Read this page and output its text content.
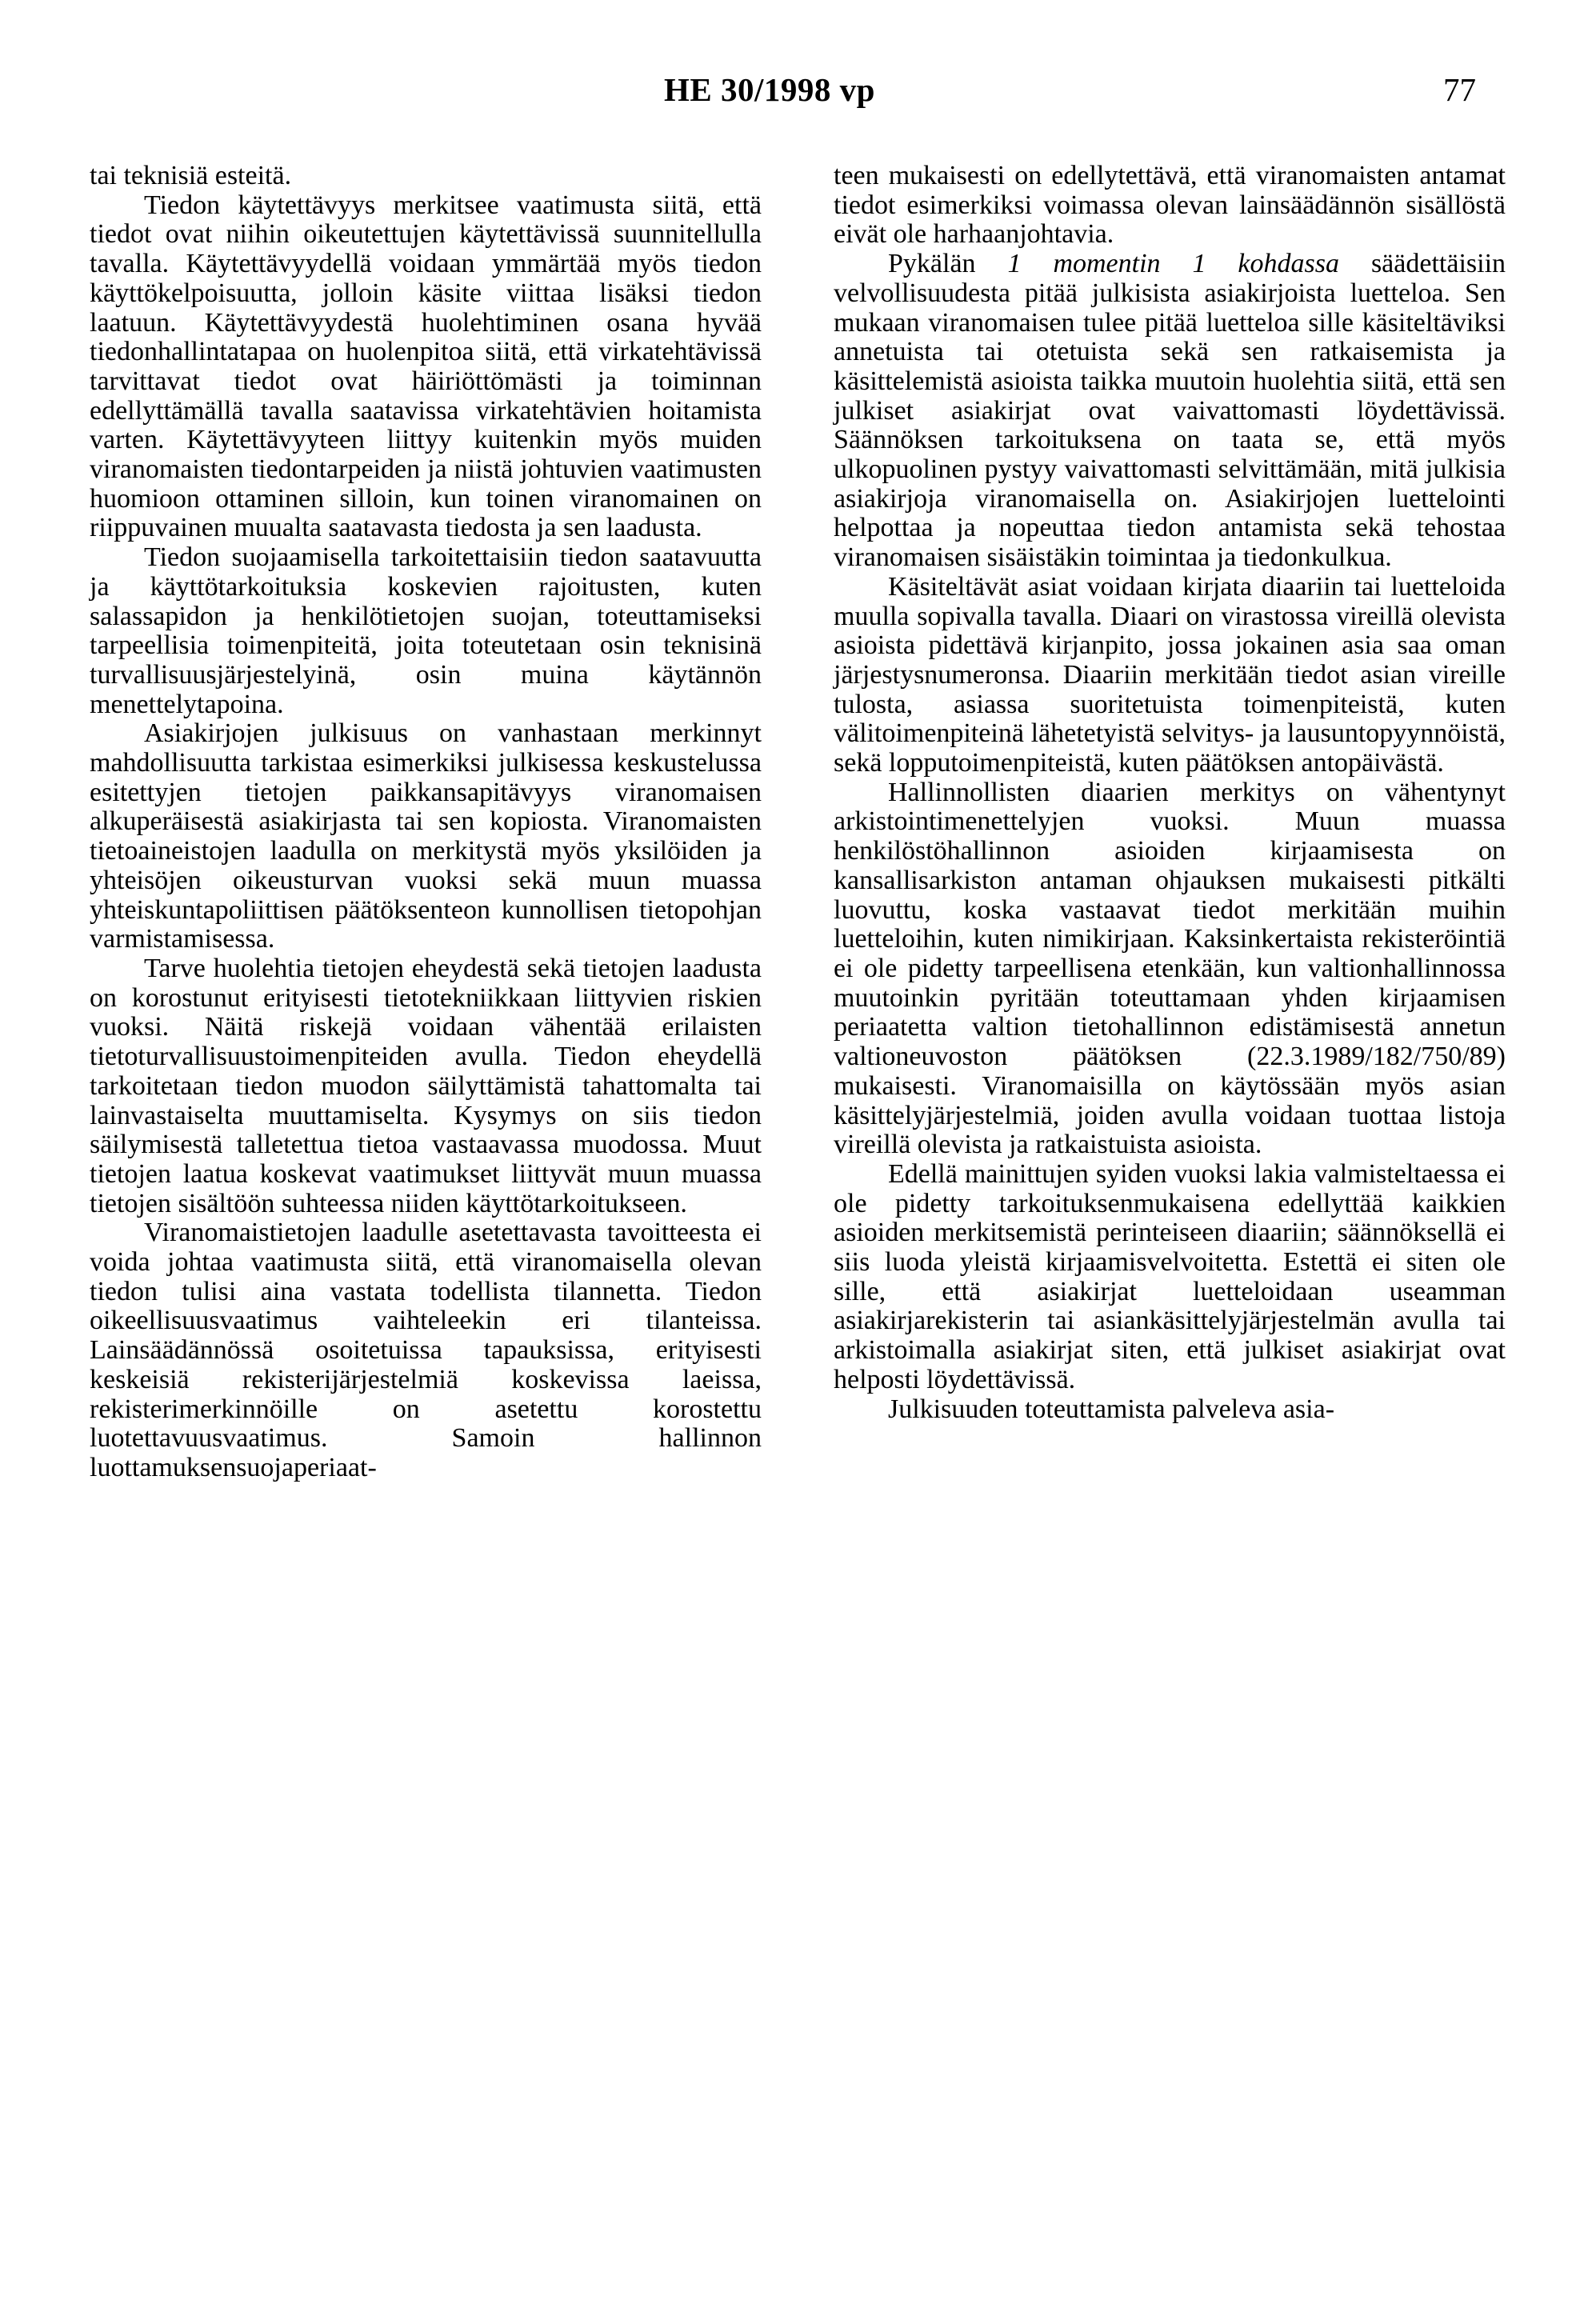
HE 30/1998 vp	77

tai teknisiä esteitä.

Tiedon käytettävyys merkitsee vaatimusta siitä, että tiedot ovat niihin oikeutettujen käytettävissä suunnitellulla tavalla. Käytettävyydellä voidaan ymmärtää myös tiedon käyttökelpoisuutta, jolloin käsite viittaa lisäksi tiedon laatuun. Käytettävyydestä huolehtiminen osana hyvää tiedonhallintatapaa on huolenpitoa siitä, että virkatehtävissä tarvittavat tiedot ovat häiriöttömästi ja toiminnan edellyttämällä tavalla saatavissa virkatehtävien hoitamista varten. Käytettävyyteen liittyy kuitenkin myös muiden viranomaisten tiedontarpeiden ja niistä johtuvien vaatimusten huomioon ottaminen silloin, kun toinen viranomainen on riippuvainen muualta saatavasta tiedosta ja sen laadusta.

Tiedon suojaamisella tarkoitettaisiin tiedon saatavuutta ja käyttötarkoituksia koskevien rajoitusten, kuten salassapidon ja henkilötietojen suojan, toteuttamiseksi tarpeellisia toimenpiteitä, joita toteutetaan osin teknisinä turvallisuusjärjestelyinä, osin muina käytännön menettelytapoina.

Asiakirjojen julkisuus on vanhastaan merkinnyt mahdollisuutta tarkistaa esimerkiksi julkisessa keskustelussa esitettyjen tietojen paikkansapitävyys viranomaisen alkuperäisestä asiakirjasta tai sen kopiosta. Viranomaisten tietoaineistojen laadulla on merkitystä myös yksilöiden ja yhteisöjen oikeusturvan vuoksi sekä muun muassa yhteiskuntapoliittisen päätöksenteon kunnollisen tietopohjan varmistamisessa.

Tarve huolehtia tietojen eheydestä sekä tietojen laadusta on korostunut erityisesti tietotekniikkaan liittyvien riskien vuoksi. Näitä riskejä voidaan vähentää erilaisten tietoturvallisuustoimenpiteiden avulla. Tiedon eheydellä tarkoitetaan tiedon muodon säilyttämistä tahattomalta tai lainvastaiselta muuttamiselta. Kysymys on siis tiedon säilymisestä talletettua tietoa vastaavassa muodossa. Muut tietojen laatua koskevat vaatimukset liittyvät muun muassa tietojen sisältöön suhteessa niiden käyttötarkoitukseen.

Viranomaistietojen laadulle asetettavasta tavoitteesta ei voida johtaa vaatimusta siitä, että viranomaisella olevan tiedon tulisi aina vastata todellista tilannetta. Tiedon oikeellisuusvaatimus vaihteleekin eri tilanteissa. Lainsäädännössä osoitetuissa tapauksissa, erityisesti keskeisiä rekisterijärjestelmiä koskevissa laeissa, rekisterimerkinnöille on asetettu korostettu luotettavuusvaatimus. Samoin hallinnon luottamuksensuojaperiaat-

teen mukaisesti on edellytettävä, että viranomaisten antamat tiedot esimerkiksi voimassa olevan lainsäädännön sisällöstä eivät ole harhaanjohtavia.

Pykälän 1 momentin 1 kohdassa säädettäisiin velvollisuudesta pitää julkisista asiakirjoista luetteloa. Sen mukaan viranomaisen tulee pitää luetteloa sille käsiteltäviksi annetuista tai otetuista sekä sen ratkaisemista ja käsittelemistä asioista taikka muutoin huolehtia siitä, että sen julkiset asiakirjat ovat vaivattomasti löydettävissä. Säännöksen tarkoituksena on taata se, että myös ulkopuolinen pystyy vaivattomasti selvittämään, mitä julkisia asiakirjoja viranomaisella on. Asiakirjojen luettelointi helpottaa ja nopeuttaa tiedon antamista sekä tehostaa viranomaisen sisäistäkin toimintaa ja tiedonkulkua.

Käsiteltävät asiat voidaan kirjata diaariin tai luetteloida muulla sopivalla tavalla. Diaari on virastossa vireillä olevista asioista pidettävä kirjanpito, jossa jokainen asia saa oman järjestysnumeronsa. Diaariin merkitään tiedot asian vireille tulosta, asiassa suoritetuista toimenpiteistä, kuten välitoimenpiteinä lähetetyistä selvitys- ja lausuntopyynnöistä, sekä lopputoimenpiteistä, kuten päätöksen antopäivästä.

Hallinnollisten diaarien merkitys on vähentynyt arkistointimenettelyjen vuoksi. Muun muassa henkilöstöhallinnon asioiden kirjaamisesta on kansallisarkiston antaman ohjauksen mukaisesti pitkälti luovuttu, koska vastaavat tiedot merkitään muihin luetteloihin, kuten nimikirjaan. Kaksinkertaista rekisteröintiä ei ole pidetty tarpeellisena etenkään, kun valtionhallinnossa muutoinkin pyritään toteuttamaan yhden kirjaamisen periaatetta valtion tietohallinnon edistämisestä annetun valtioneuvoston päätöksen (22.3.1989/182/750/89) mukaisesti. Viranomaisilla on käytössään myös asian käsittelyjärjestelmiä, joiden avulla voidaan tuottaa listoja vireillä olevista ja ratkaistuista asioista.

Edellä mainittujen syiden vuoksi lakia valmisteltaessa ei ole pidetty tarkoituksenmukaisena edellyttää kaikkien asioiden merkitsemistä perinteiseen diaariin; säännöksellä ei siis luoda yleistä kirjaamisvelvoitetta. Estettä ei siten ole sille, että asiakirjat luetteloidaan useamman asiakirjarekisterin tai asiankäsittelyjärjestelmän avulla tai arkistoimalla asiakirjat siten, että julkiset asiakirjat ovat helposti löydettävissä.

Julkisuuden toteuttamista palveleva asia-
